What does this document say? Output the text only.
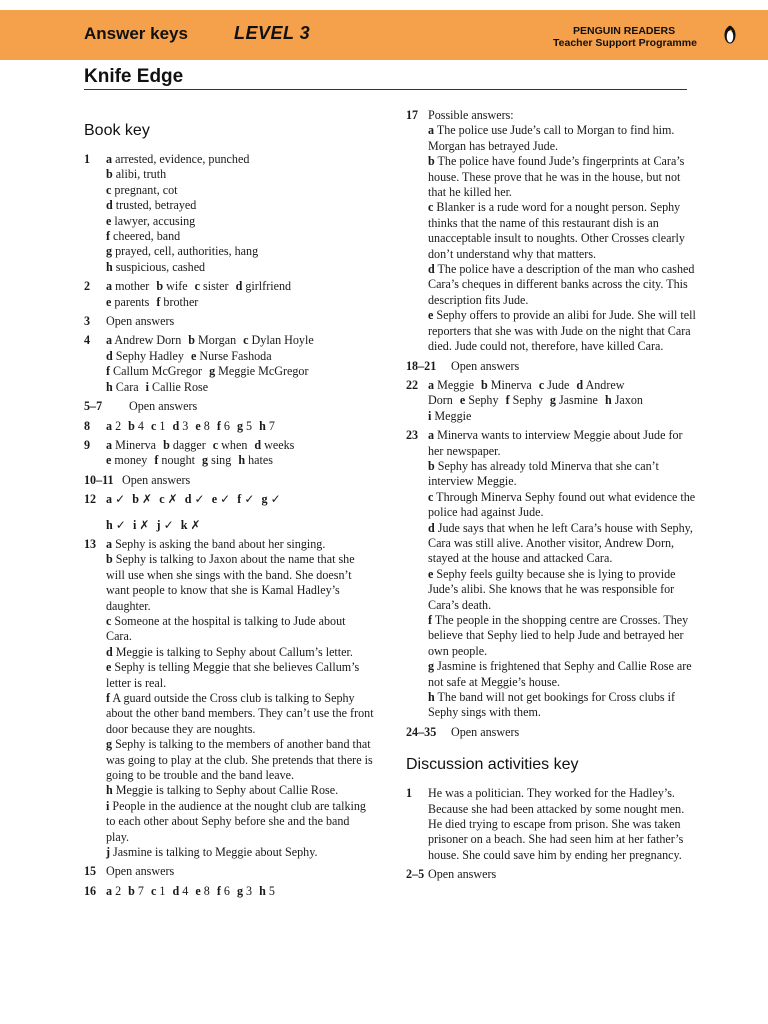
Answer keys	LEVEL 3	PENGUIN READERS
Teacher Support Programme
Knife Edge
Book key
1	a arrested, evidence, punched
b alibi, truth
c pregnant, cot
d trusted, betrayed
e lawyer, accusing
f cheered, band
g prayed, cell, authorities, hang
h suspicious, cashed
2	a mother b wife c sister d girlfriend
e parents f brother
3	Open answers
4	a Andrew Dorn b Morgan c Dylan Hoyle
d Sephy Hadley e Nurse Fashoda
f Callum McGregor g Meggie McGregor
h Cara i Callie Rose
5–7	Open answers
8	a 2 b 4 c 1 d 3 e 8 f 6 g 5 h 7
9	a Minerva b dagger c when d weeks
e money f nought g sing h hates
10–11 Open answers
12 a ✓ b ✗ c ✗ d ✓ e ✓ f ✓ g ✓
h ✓ i ✗ j ✓ k ✗
13 a Sephy is asking the band about her singing.
b Sephy is talking to Jaxon about the name that she will use when she sings with the band. She doesn’t want people to know that she is Kamal Hadley’s daughter.
c Someone at the hospital is talking to Jude about Cara.
d Meggie is talking to Sephy about Callum’s letter.
e Sephy is telling Meggie that she believes Callum’s letter is real.
f A guard outside the Cross club is talking to Sephy about the other band members. They can’t use the front door because they are noughts.
g Sephy is talking to the members of another band that was going to play at the club. She pretends that there is going to be trouble and the band leave.
h Meggie is talking to Sephy about Callie Rose.
i People in the audience at the nought club are talking to each other about Sephy before she and the band play.
j Jasmine is talking to Meggie about Sephy.
15 Open answers
16 a 2 b 7 c 1 d 4 e 8 f 6 g 3 h 5
17 Possible answers:
a The police use Jude’s call to Morgan to find him. Morgan has betrayed Jude.
b The police have found Jude’s fingerprints at Cara’s house. These prove that he was in the house, but not that he killed her.
c Blanker is a rude word for a nought person. Sephy thinks that the name of this restaurant dish is an unacceptable insult to noughts. Other Crosses clearly don’t understand why that matters.
d The police have a description of the man who cashed Cara’s cheques in different banks across the city. This description fits Jude.
e Sephy offers to provide an alibi for Jude. She will tell reporters that she was with Jude on the night that Cara died. Jude could not, therefore, have killed Cara.
18–21	Open answers
22 a Meggie b Minerva c Jude d Andrew
Dorn e Sephy f Sephy g Jasmine h Jaxon
i Meggie
23 a Minerva wants to interview Meggie about Jude for her newspaper.
b Sephy has already told Minerva that she can’t interview Meggie.
c Through Minerva Sephy found out what evidence the police had against Jude.
d Jude says that when he left Cara’s house with Sephy, Cara was still alive. Another visitor, Andrew Dorn, stayed at the house and attacked Cara.
e Sephy feels guilty because she is lying to provide Jude’s alibi. She knows that he was responsible for Cara’s death.
f The people in the shopping centre are Crosses. They believe that Sephy lied to help Jude and betrayed her own people.
g Jasmine is frightened that Sephy and Callie Rose are not safe at Meggie’s house.
h The band will not get bookings for Cross clubs if Sephy sings with them.
24–35	Open answers
Discussion activities key
1	He was a politician. They worked for the Hadley’s. Because she had been attacked by some nought men. He died trying to escape from prison. She was taken prisoner on a beach. She had seen him at her father’s house. She could save him by ending her pregnancy.
2–5 Open answers
